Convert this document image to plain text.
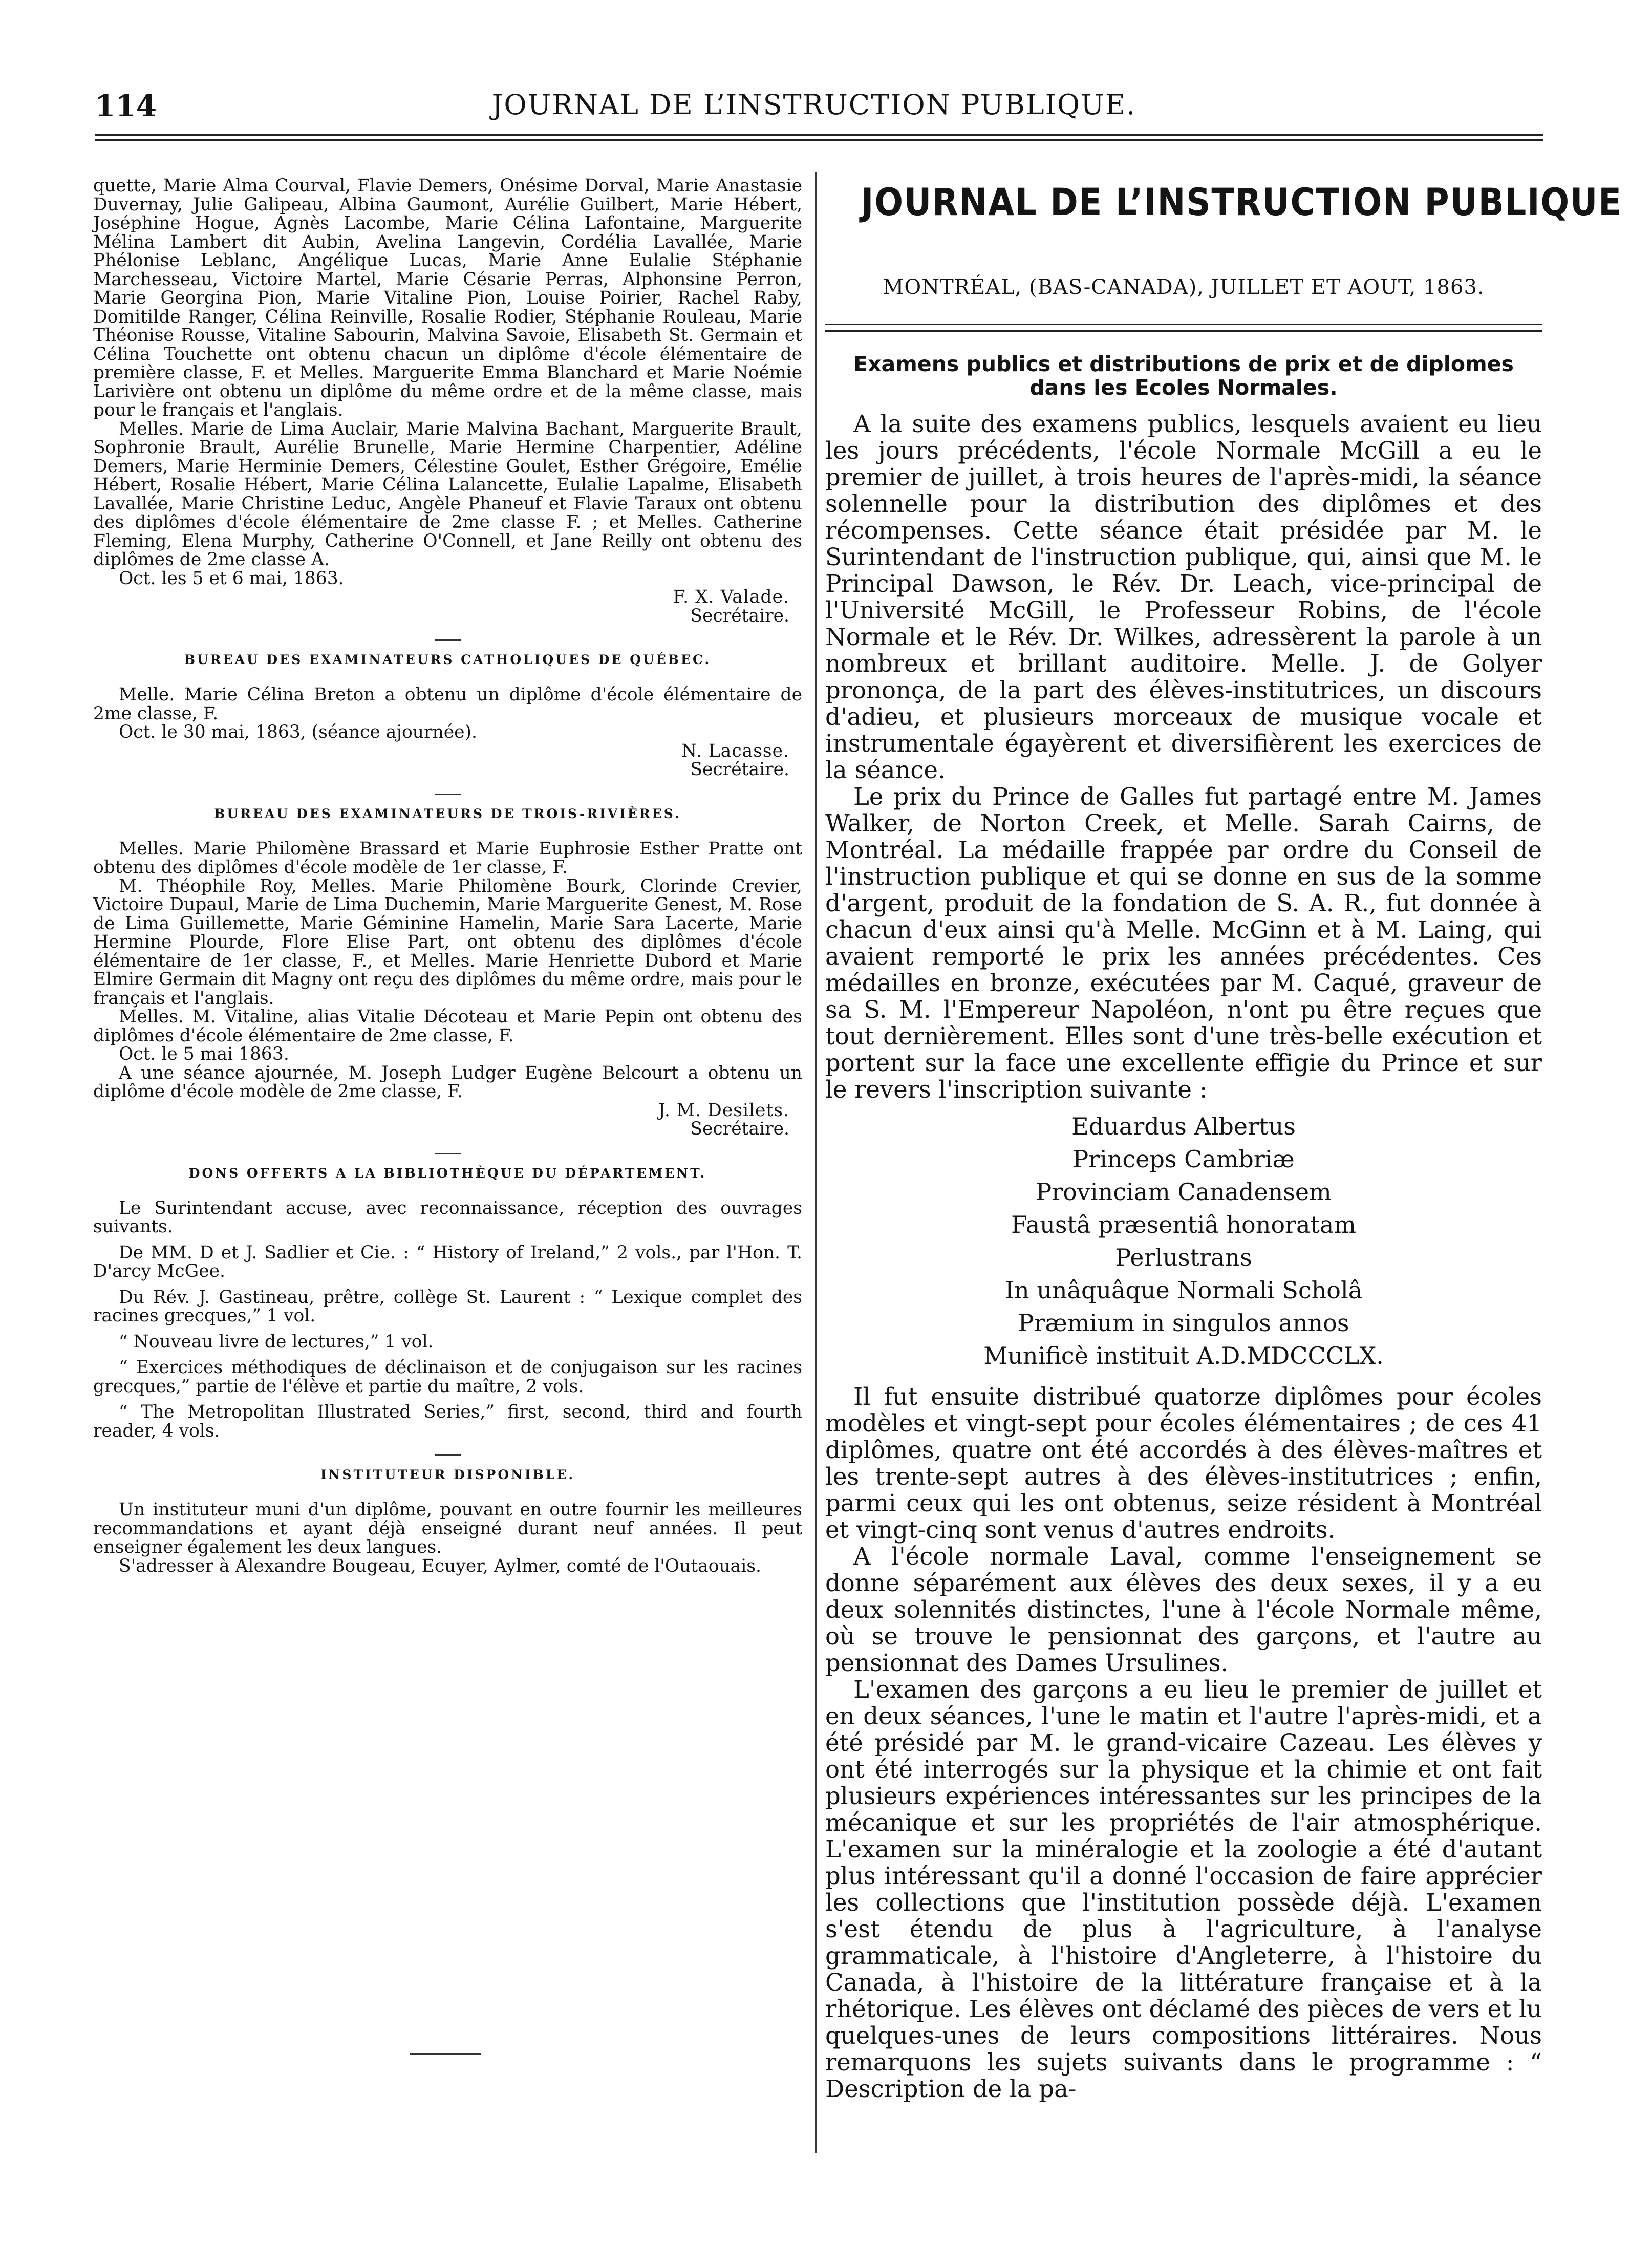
114	JOURNAL DE L’INSTRUCTION PUBLIQUE.

quette, Marie Alma Courval, Flavie Demers, Onésime Dorval, Marie Anastasie Duvernay, Julie Galipeau, Albina Gaumont, Aurélie Guilbert, Marie Hébert, Joséphine Hogue, Agnès Lacombe, Marie Célina Lafontaine, Marguerite Mélina Lambert dit Aubin, Avelina Langevin, Cordélia Lavallée, Marie Phélonise Leblanc, Angélique Lucas, Marie Anne Eulalie Stéphanie Marchesseau, Victoire Martel, Marie Césarie Perras, Alphonsine Perron, Marie Georgina Pion, Marie Vitaline Pion, Louise Poirier, Rachel Raby, Domitilde Ranger, Célina Reinville, Rosalie Rodier, Stéphanie Rouleau, Marie Théonise Rousse, Vitaline Sabourin, Malvina Savoie, Elisabeth St. Germain et Célina Touchette ont obtenu chacun un diplôme d'école élémentaire de première classe, F. et Melles. Marguerite Emma Blanchard et Marie Noémie Larivière ont obtenu un diplôme du même ordre et de la même classe, mais pour le français et l'anglais.

Melles. Marie de Lima Auclair, Marie Malvina Bachant, Marguerite Brault, Sophronie Brault, Aurélie Brunelle, Marie Hermine Charpentier, Adéline Demers, Marie Herminie Demers, Célestine Goulet, Esther Grégoire, Emélie Hébert, Rosalie Hébert, Marie Célina Lalancette, Eulalie Lapalme, Elisabeth Lavallée, Marie Christine Leduc, Angèle Phaneuf et Flavie Taraux ont obtenu des diplômes d'école élémentaire de 2me classe F. ; et Melles. Catherine Fleming, Elena Murphy, Catherine O'Connell, et Jane Reilly ont obtenu des diplômes de 2me classe A.

Oct. les 5 et 6 mai, 1863.

F. X. Valade.

Secrétaire.

BUREAU DES EXAMINATEURS CATHOLIQUES DE QUÉBEC.

Melle. Marie Célina Breton a obtenu un diplôme d'école élémentaire de 2me classe, F.

Oct. le 30 mai, 1863, (séance ajournée).

N. Lacasse.

Secrétaire.

BUREAU DES EXAMINATEURS DE TROIS-RIVIÈRES.

Melles. Marie Philomène Brassard et Marie Euphrosie Esther Pratte ont obtenu des diplômes d'école modèle de 1er classe, F.

M. Théophile Roy, Melles. Marie Philomène Bourk, Clorinde Crevier, Victoire Dupaul, Marie de Lima Duchemin, Marie Marguerite Genest, M. Rose de Lima Guillemette, Marie Géminine Hamelin, Marie Sara Lacerte, Marie Hermine Plourde, Flore Elise Part, ont obtenu des diplômes d'école élémentaire de 1er classe, F., et Melles. Marie Henriette Dubord et Marie Elmire Germain dit Magny ont reçu des diplômes du même ordre, mais pour le français et l'anglais.

Melles. M. Vitaline, alias Vitalie Décoteau et Marie Pepin ont obtenu des diplômes d'école élémentaire de 2me classe, F.

Oct. le 5 mai 1863.

A une séance ajournée, M. Joseph Ludger Eugène Belcourt a obtenu un diplôme d'école modèle de 2me classe, F.

J. M. Desilets.

Secrétaire.

DONS OFFERTS A LA BIBLIOTHÈQUE DU DÉPARTEMENT.

Le Surintendant accuse, avec reconnaissance, réception des ouvrages suivants.

De MM. D et J. Sadlier et Cie. : “ History of Ireland,” 2 vols., par l'Hon. T. D'arcy McGee.

Du Rév. J. Gastineau, prêtre, collège St. Laurent : “ Lexique complet des racines grecques,” 1 vol.

“ Nouveau livre de lectures,” 1 vol.

“ Exercices méthodiques de déclinaison et de conjugaison sur les racines grecques,” partie de l'élève et partie du maître, 2 vols.

“ The Metropolitan Illustrated Series,” first, second, third and fourth reader, 4 vols.

INSTITUTEUR DISPONIBLE.

Un instituteur muni d'un diplôme, pouvant en outre fournir les meilleures recommandations et ayant déjà enseigné durant neuf années. Il peut enseigner également les deux langues.

S'adresser à Alexandre Bougeau, Ecuyer, Aylmer, comté de l'Outaouais.

JOURNAL DE L’INSTRUCTION PUBLIQUE
MONTRÉAL, (BAS-CANADA), JUILLET ET AOUT, 1863.
Examens publics et distributions de prix et de diplomes dans les Ecoles Normales.

A la suite des examens publics, lesquels avaient eu lieu les jours précédents, l'école Normale McGill a eu le premier de juillet, à trois heures de l'après-midi, la séance solennelle pour la distribution des diplômes et des récompenses. Cette séance était présidée par M. le Surintendant de l'instruction publique, qui, ainsi que M. le Principal Dawson, le Rév. Dr. Leach, vice-principal de l'Université McGill, le Professeur Robins, de l'école Normale et le Rév. Dr. Wilkes, adressèrent la parole à un nombreux et brillant auditoire. Melle. J. de Golyer prononça, de la part des élèves-institutrices, un discours d'adieu, et plusieurs morceaux de musique vocale et instrumentale égayèrent et diversifièrent les exercices de la séance.

Le prix du Prince de Galles fut partagé entre M. James Walker, de Norton Creek, et Melle. Sarah Cairns, de Montréal. La médaille frappée par ordre du Conseil de l'instruction publique et qui se donne en sus de la somme d'argent, produit de la fondation de S. A. R., fut donnée à chacun d'eux ainsi qu'à Melle. McGinn et à M. Laing, qui avaient remporté le prix les années précédentes. Ces médailles en bronze, exécutées par M. Caqué, graveur de sa S. M. l'Empereur Napoléon, n'ont pu être reçues que tout dernièrement. Elles sont d'une très-belle exécution et portent sur la face une excellente effigie du Prince et sur le revers l'inscription suivante :

Eduardus Albertus
Princeps Cambriæ
Provinciam Canadensem
Faustâ præsentiâ honoratam
Perlustrans
In unâquâque Normali Scholâ
Præmium in singulos annos
Munificè instituit A.D.MDCCCLX.

Il fut ensuite distribué quatorze diplômes pour écoles modèles et vingt-sept pour écoles élémentaires ; de ces 41 diplômes, quatre ont été accordés à des élèves-maîtres et les trente-sept autres à des élèves-institutrices ; enfin, parmi ceux qui les ont obtenus, seize résident à Montréal et vingt-cinq sont venus d'autres endroits.

A l'école normale Laval, comme l'enseignement se donne séparément aux élèves des deux sexes, il y a eu deux solennités distinctes, l'une à l'école Normale même, où se trouve le pensionnat des garçons, et l'autre au pensionnat des Dames Ursulines.

L'examen des garçons a eu lieu le premier de juillet et en deux séances, l'une le matin et l'autre l'après-midi, et a été présidé par M. le grand-vicaire Cazeau. Les élèves y ont été interrogés sur la physique et la chimie et ont fait plusieurs expériences intéressantes sur les principes de la mécanique et sur les propriétés de l'air atmosphérique. L'examen sur la minéralogie et la zoologie a été d'autant plus intéressant qu'il a donné l'occasion de faire apprécier les collections que l'institution possède déjà. L'examen s'est étendu de plus à l'agriculture, à l'analyse grammaticale, à l'histoire d'Angleterre, à l'histoire du Canada, à l'histoire de la littérature française et à la rhétorique. Les élèves ont déclamé des pièces de vers et lu quelques-unes de leurs compositions littéraires. Nous remarquons les sujets suivants dans le programme : “ Description de la pa-
